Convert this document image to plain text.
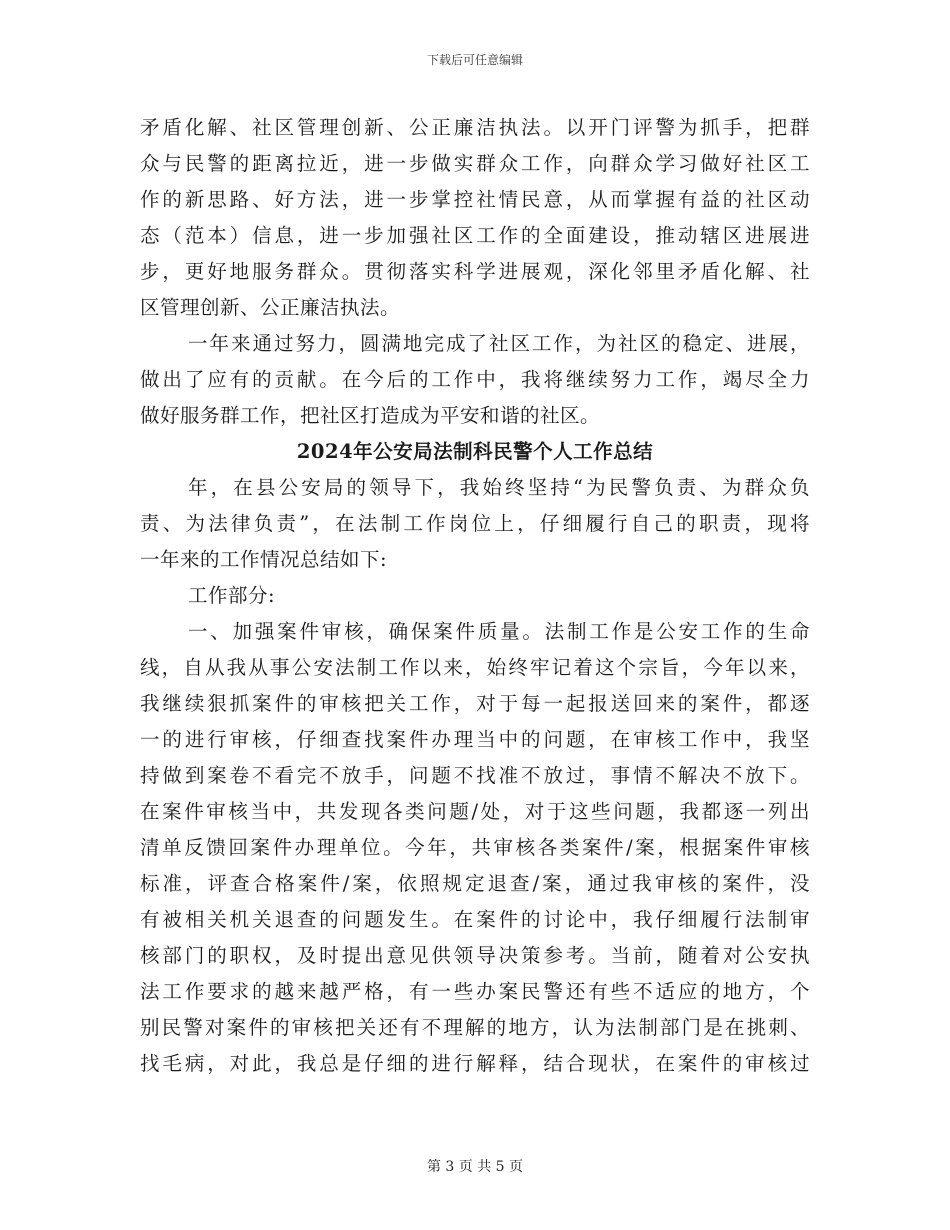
下载后可任意编辑
矛盾化解、社区管理创新、公正廉洁执法。以开门评警为抓手，把群
众与民警的距离拉近，进一步做实群众工作，向群众学习做好社区工
作的新思路、好方法，进一步掌控社情民意，从而掌握有益的社区动
态（范本）信息，进一步加强社区工作的全面建设，推动辖区进展进
步，更好地服务群众。贯彻落实科学进展观，深化邻里矛盾化解、社
区管理创新、公正廉洁执法。
一年来通过努力，圆满地完成了社区工作，为社区的稳定、进展，
做出了应有的贡献。在今后的工作中，我将继续努力工作，竭尽全力
做好服务群工作，把社区打造成为平安和谐的社区。
2024年公安局法制科民警个人工作总结
年，在县公安局的领导下，我始终坚持“为民警负责、为群众负
责、为法律负责”，在法制工作岗位上，仔细履行自己的职责，现将
一年来的工作情况总结如下:
工作部分:
一、加强案件审核，确保案件质量。法制工作是公安工作的生命
线，自从我从事公安法制工作以来，始终牢记着这个宗旨，今年以来，
我继续狠抓案件的审核把关工作，对于每一起报送回来的案件，都逐
一的进行审核，仔细查找案件办理当中的问题，在审核工作中，我坚
持做到案卷不看完不放手，问题不找准不放过，事情不解决不放下。
在案件审核当中，共发现各类问题/处，对于这些问题，我都逐一列出
清单反馈回案件办理单位。今年，共审核各类案件/案，根据案件审核
标准，评查合格案件/案，依照规定退查/案，通过我审核的案件，没
有被相关机关退查的问题发生。在案件的讨论中，我仔细履行法制审
核部门的职权，及时提出意见供领导决策参考。当前，随着对公安执
法工作要求的越来越严格，有一些办案民警还有些不适应的地方，个
别民警对案件的审核把关还有不理解的地方，认为法制部门是在挑刺、
找毛病，对此，我总是仔细的进行解释，结合现状，在案件的审核过
第 3 页 共 5 页
